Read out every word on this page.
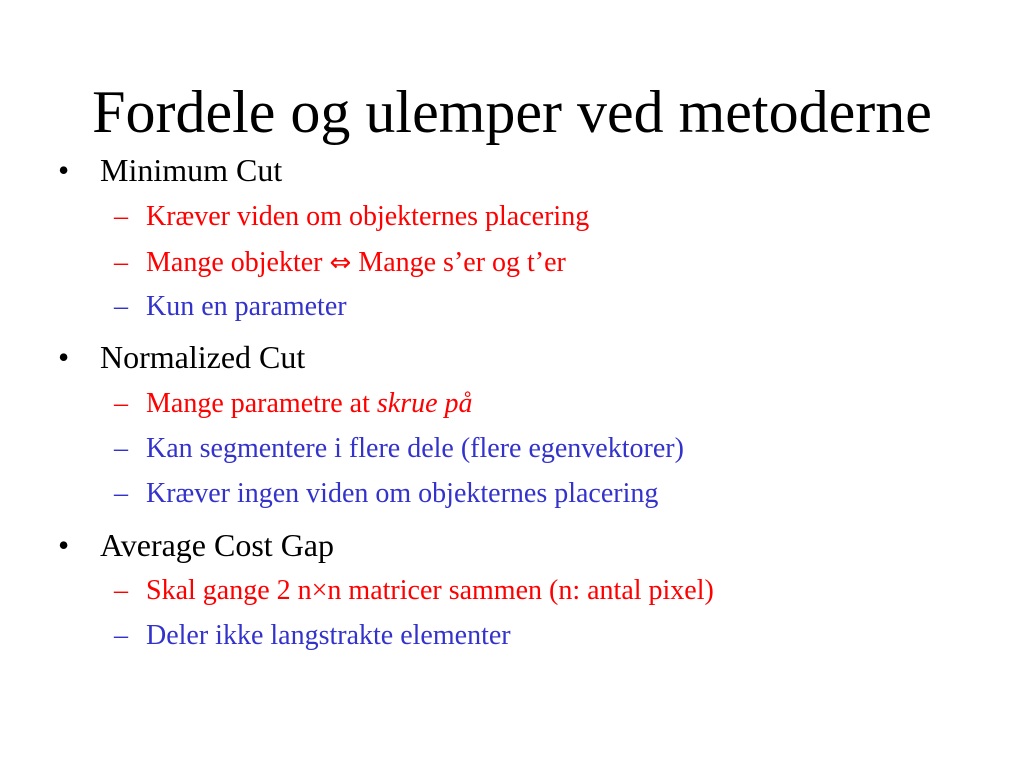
Fordele og ulemper ved metoderne
• Minimum Cut
– Kræver viden om objekternes placering
– Mange objekter ⇔ Mange s’er og t’er
– Kun en parameter
• Normalized Cut
– Mange parametre at skrue på
– Kan segmentere i flere dele (flere egenvektorer)
– Kræver ingen viden om objekternes placering
• Average Cost Gap
– Skal gange 2 n×n matricer sammen (n: antal pixel)
– Deler ikke langstrakte elementer
